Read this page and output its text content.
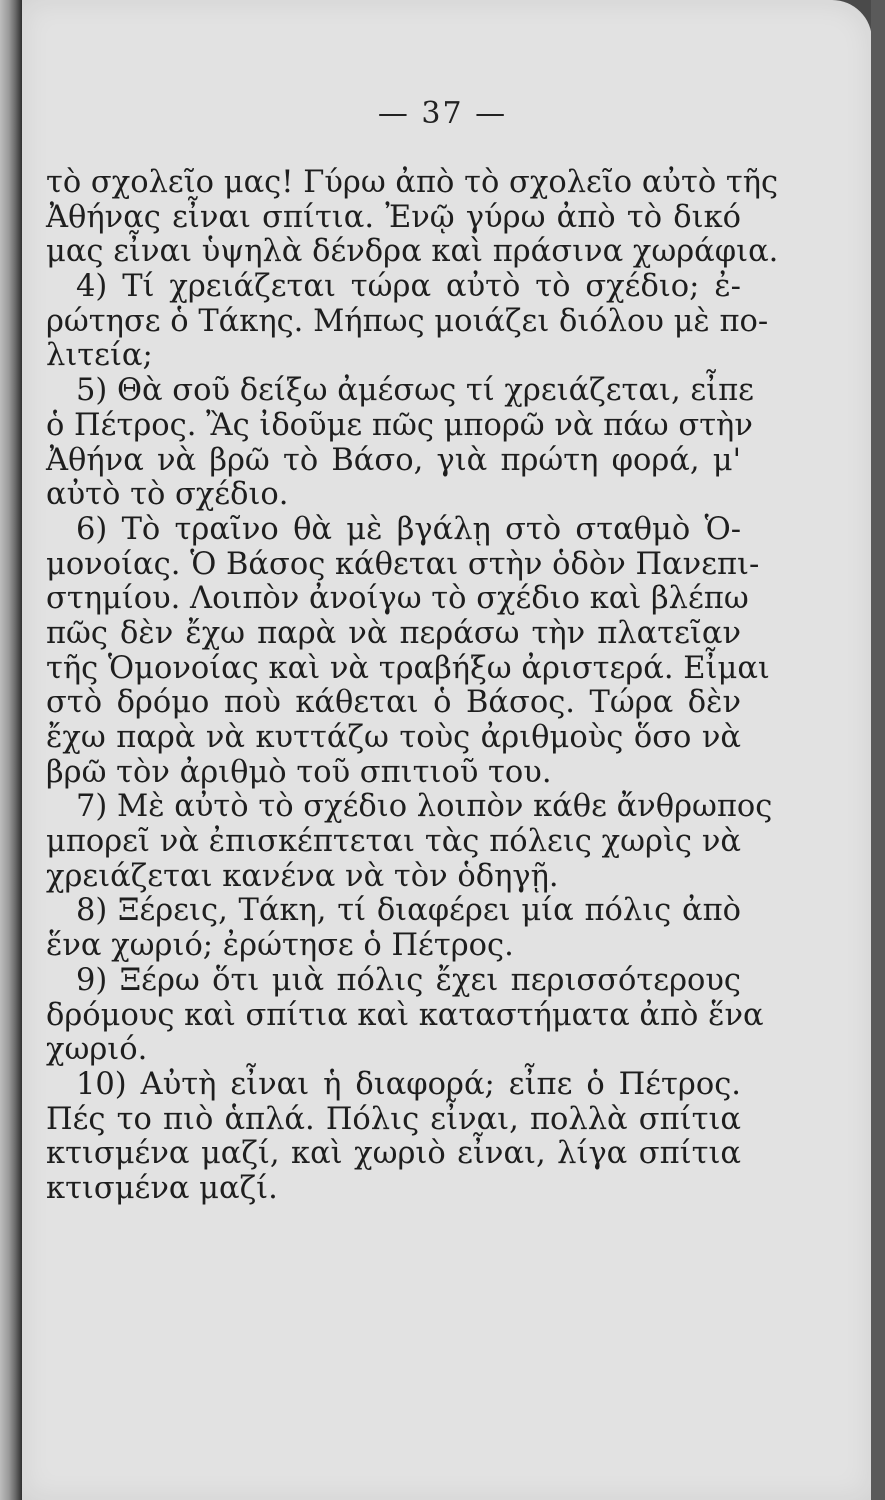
— 37 —
τὸ σχολεῖο μας! Γύρω ἀπὸ τὸ σχολεῖο αὐτὸ τῆς
Ἀθήνας εἶναι σπίτια. Ἐνῷ γύρω ἀπὸ τὸ δικό
μας εἶναι ὑψηλὰ δένδρα καὶ πράσινα χωράφια.
4) Τί χρειάζεται τώρα αὐτὸ τὸ σχέδιο; ἐ-
ρώτησε ὁ Τάκης. Μήπως μοιάζει διόλου μὲ πο-
λιτεία;
5) Θὰ σοῦ δείξω ἀμέσως τί χρειάζεται, εἶπε
ὁ Πέτρος. Ἂς ἰδοῦμε πῶς μπορῶ νὰ πάω στὴν
Ἀθήνα νὰ βρῶ τὸ Βάσο, γιὰ πρώτη φορά, μ'
αὐτὸ τὸ σχέδιο.
6) Τὸ τραῖνο θὰ μὲ βγάλῃ στὸ σταθμὸ Ὁ-
μονοίας. Ὁ Βάσος κάθεται στὴν ὁδὸν Πανεπι-
στημίου. Λοιπὸν ἀνοίγω τὸ σχέδιο καὶ βλέπω
πῶς δὲν ἔχω παρὰ νὰ περάσω τὴν πλατεῖαν
τῆς Ὁμονοίας καὶ νὰ τραβήξω ἀριστερά. Εἶμαι
στὸ δρόμο ποὺ κάθεται ὁ Βάσος. Τώρα δὲν
ἔχω παρὰ νὰ κυττάζω τοὺς ἀριθμοὺς ὅσο νὰ
βρῶ τὸν ἀριθμὸ τοῦ σπιτιοῦ του.
7) Μὲ αὐτὸ τὸ σχέδιο λοιπὸν κάθε ἄνθρωπος
μπορεῖ νὰ ἐπισκέπτεται τὰς πόλεις χωρὶς νὰ
χρειάζεται κανένα νὰ τὸν ὁδηγῇ.
8) Ξέρεις, Τάκη, τί διαφέρει μία πόλις ἀπὸ
ἕνα χωριό; ἐρώτησε ὁ Πέτρος.
9) Ξέρω ὅτι μιὰ πόλις ἔχει περισσότερους
δρόμους καὶ σπίτια καὶ καταστήματα ἀπὸ ἕνα
χωριό.
10) Αὐτὴ εἶναι ἡ διαφορά; εἶπε ὁ Πέτρος.
Πές το πιὸ ἁπλά. Πόλις εἶναι, πολλὰ σπίτια
κτισμένα μαζί, καὶ χωριὸ εἶναι, λίγα σπίτια
κτισμένα μαζί.
